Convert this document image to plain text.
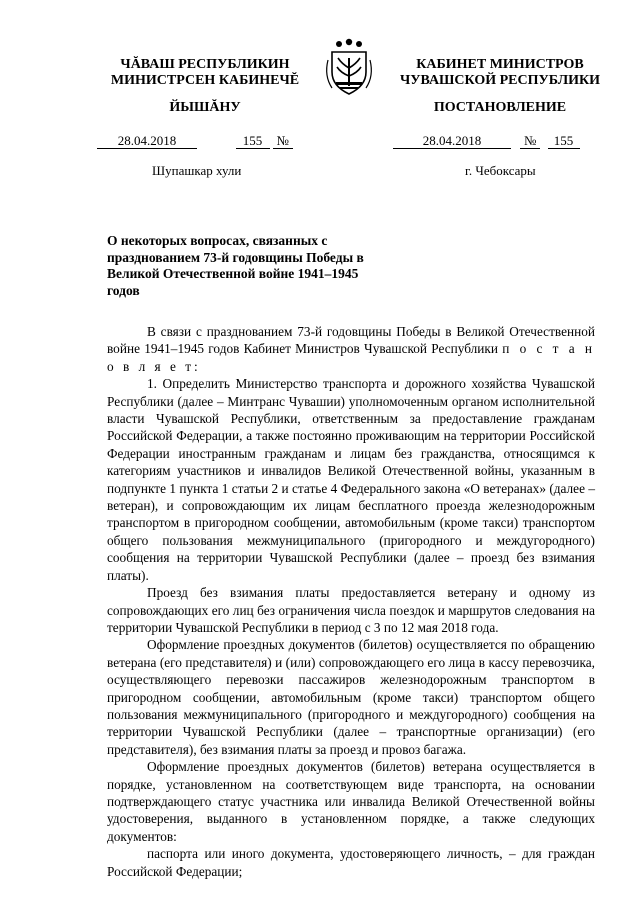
ЧĂВАШ РЕСПУБЛИКИН
МИНИСТРСЕН КАБИНЕЧĔ
ЙЫШĂНУ
КАБИНЕТ МИНИСТРОВ
ЧУВАШСКОЙ РЕСПУБЛИКИ
ПОСТАНОВЛЕНИЕ
28.04.2018	155 №	28.04.2018	№ 155
Шупашкар хули	г. Чебоксары
О некоторых вопросах, связанных с празднованием 73-й годовщины Победы в Великой Отечественной войне 1941–1945 годов

В связи с празднованием 73-й годовщины Победы в Великой Отечественной войне 1941–1945 годов Кабинет Министров Чувашской Республики п о с т а н о в л я е т:

1. Определить Министерство транспорта и дорожного хозяйства Чувашской Республики (далее – Минтранс Чувашии) уполномоченным органом исполнительной власти Чувашской Республики, ответственным за предоставление гражданам Российской Федерации, а также постоянно проживающим на территории Российской Федерации иностранным гражданам и лицам без гражданства, относящимся к категориям участников и инвалидов Великой Отечественной войны, указанным в подпункте 1 пункта 1 статьи 2 и статье 4 Федерального закона «О ветеранах» (далее – ветеран), и сопровождающим их лицам бесплатного проезда железнодорожным транспортом в пригородном сообщении, автомобильным (кроме такси) транспортом общего пользования межмуниципального (пригородного и междугородного) сообщения на территории Чувашской Республики (далее – проезд без взимания платы).

Проезд без взимания платы предоставляется ветерану и одному из сопровождающих его лиц без ограничения числа поездок и маршрутов следования на территории Чувашской Республики в период с 3 по 12 мая 2018 года.

Оформление проездных документов (билетов) осуществляется по обращению ветерана (его представителя) и (или) сопровождающего его лица в кассу перевозчика, осуществляющего перевозки пассажиров железнодорожным транспортом в пригородном сообщении, автомобильным (кроме такси) транспортом общего пользования межмуниципального (пригородного и междугородного) сообщения на территории Чувашской Республики (далее – транспортные организации) (его представителя), без взимания платы за проезд и провоз багажа.

Оформление проездных документов (билетов) ветерана осуществляется в порядке, установленном на соответствующем виде транспорта, на основании подтверждающего статус участника или инвалида Великой Отечественной войны удостоверения, выданного в установленном порядке, а также следующих документов:

паспорта или иного документа, удостоверяющего личность, – для граждан Российской Федерации;
